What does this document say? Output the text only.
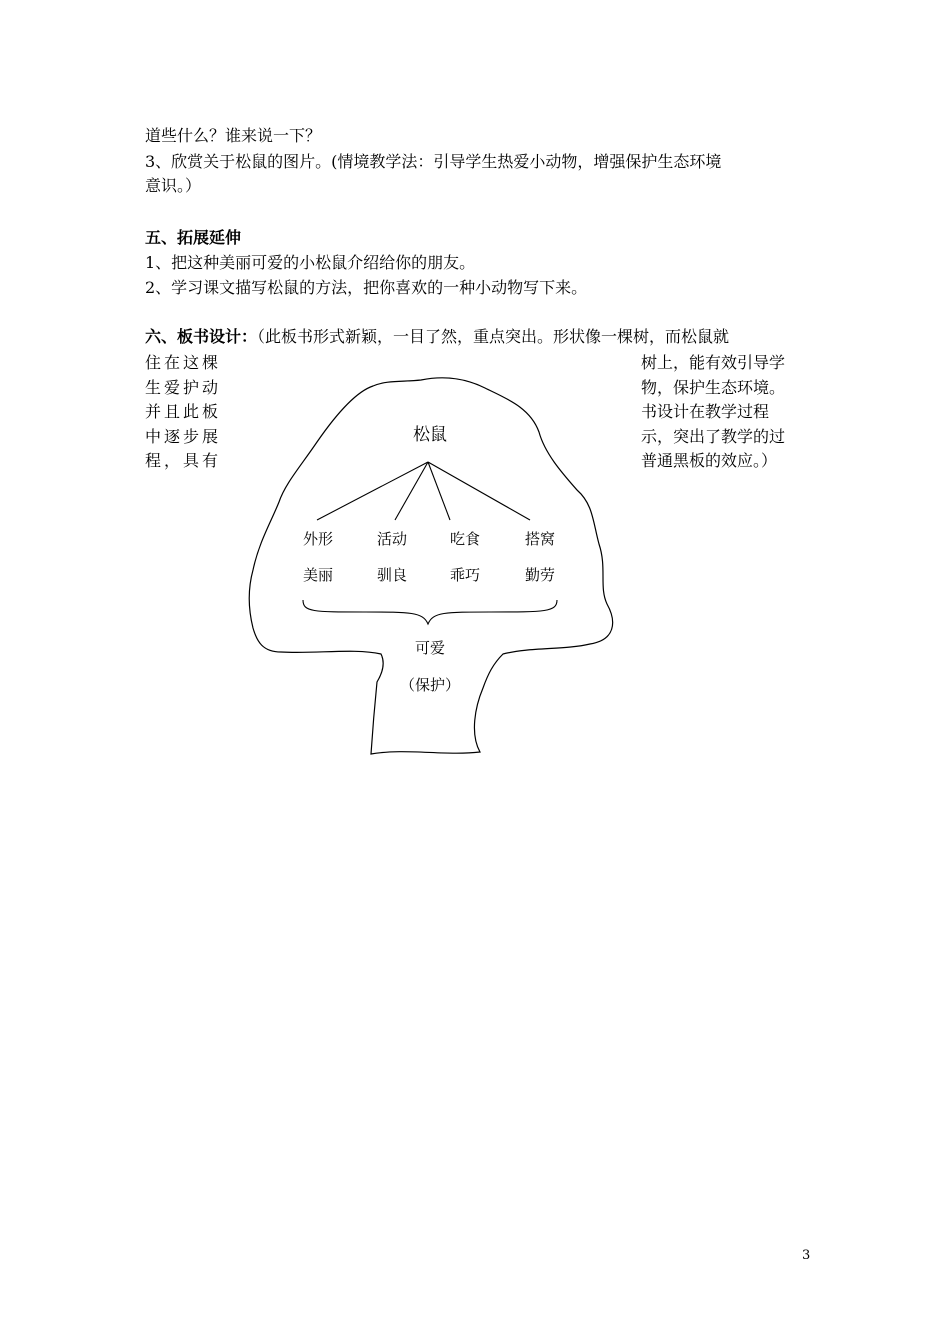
道些什么？谁来说一下？
3、欣赏关于松鼠的图片。(情境教学法：引导学生热爱小动物，增强保护生态环境
意识。）
五、拓展延伸
1、把这种美丽可爱的小松鼠介绍给你的朋友。
2、学习课文描写松鼠的方法，把你喜欢的一种小动物写下来。
六、板书设计：（此板书形式新颖，一目了然，重点突出。形状像一棵树，而松鼠就
住在这棵
生爱护动
并且此板
中逐步展
程，具有
树上，能有效引导学
物，保护生态环境。
书设计在教学过程
示，突出了教学的过
普通黑板的效应。）
松鼠
外形	活动	吃食	搭窝
美丽	驯良	乖巧	勤劳
可爱
（保护）
3
